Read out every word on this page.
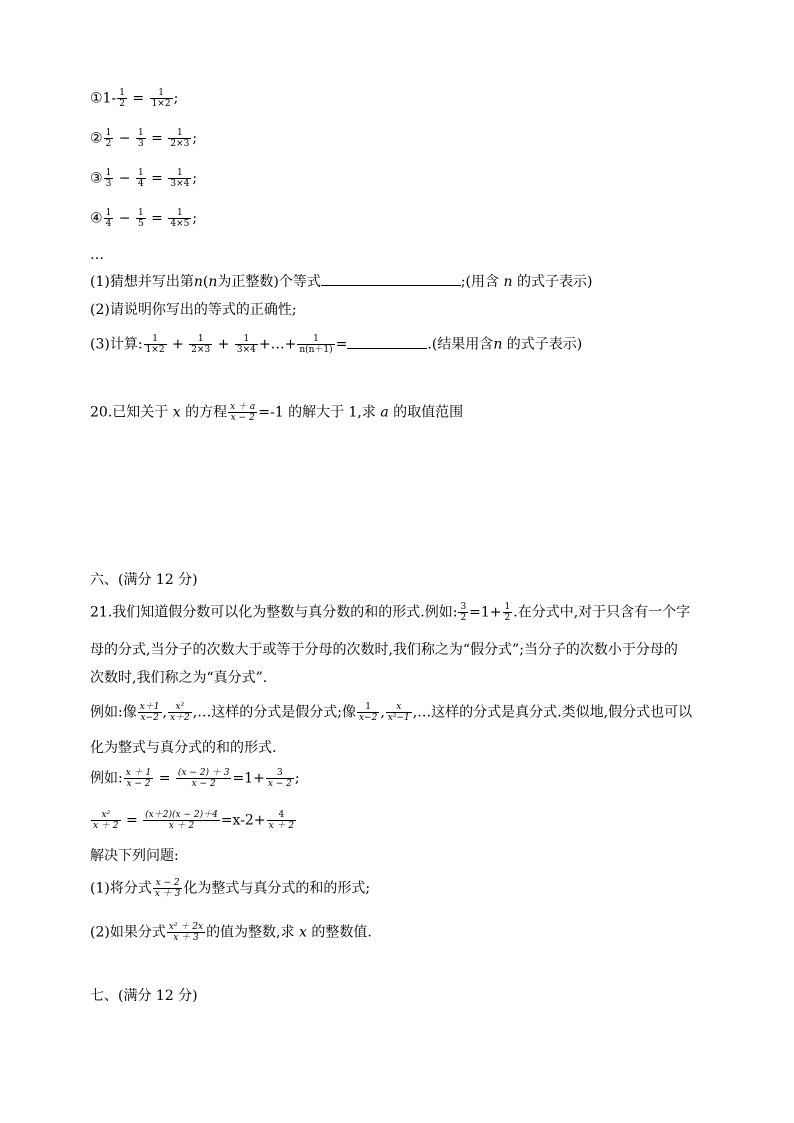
①1- $\frac{1}{2} = \frac{1}{1\times 2}$ ;
② $\frac{1}{2} - \frac{1}{3} = \frac{1}{2\times 3}$ ;
③ $\frac{1}{3} - \frac{1}{4} = \frac{1}{3\times 4}$ ;
④ $\frac{1}{4} - \frac{1}{5} = \frac{1}{4\times 5}$ ;
…
(1)猜想并写出第n(n为正整数)个等式	;(用含 n 的式子表示)
(2)请说明你写出的等式的正确性;
(3)计算: $\frac{1}{1\times 2} + \frac{1}{2\times 3} + \frac{1}{3\times 4}$ +…+ $\frac{1}{n(n+1)}$ =	.(结果用含n 的式子表示)
20.已知关于 x 的方程 $\frac{x + a}{x - 2} =-1$ 的解大于 1,求 a 的取值范围
六、(满分 12 分)
21.我们知道假分数可以化为整数与真分数的和的形式.例如: $\frac{3}{2} =1+ \frac{1}{2}$ .在分式中,对于只含有一个字
母的分式,当分子的次数大于或等于分母的次数时,我们称之为“假分式”;当分子的次数小于分母的
次数时,我们称之为“真分式”.
例如:像 $\frac{x+1}{x-2}$ , $\frac{\text{x²}}{x+2}$ ,…这样的分式是假分式;像 $\frac{1}{x-2}$ , $\frac{x}{\text{x²−1}}$ ,…这样的分式是真分式.类似地,假分式也可以
化为整式与真分式的和的形式.
例如: $\frac{x + 1}{x - 2} = \frac{(x - 2) + 3}{x - 2} =1+ \frac{3}{x - 2}$ ;
$\frac{\text{x²}}{x + 2} = \frac{(x+2)(x - 2)+4}{x + 2} =x-2+ \frac{4}{x + 2}$
解决下列问题:
(1)将分式 $\frac{x - 2}{x + 3}$ 化为整式与真分式的和的形式;
(2)如果分式 $\frac{\text{x² ＋ 2x}}{x + 3}$ 的值为整数,求 x 的整数值.
七、(满分 12 分)
